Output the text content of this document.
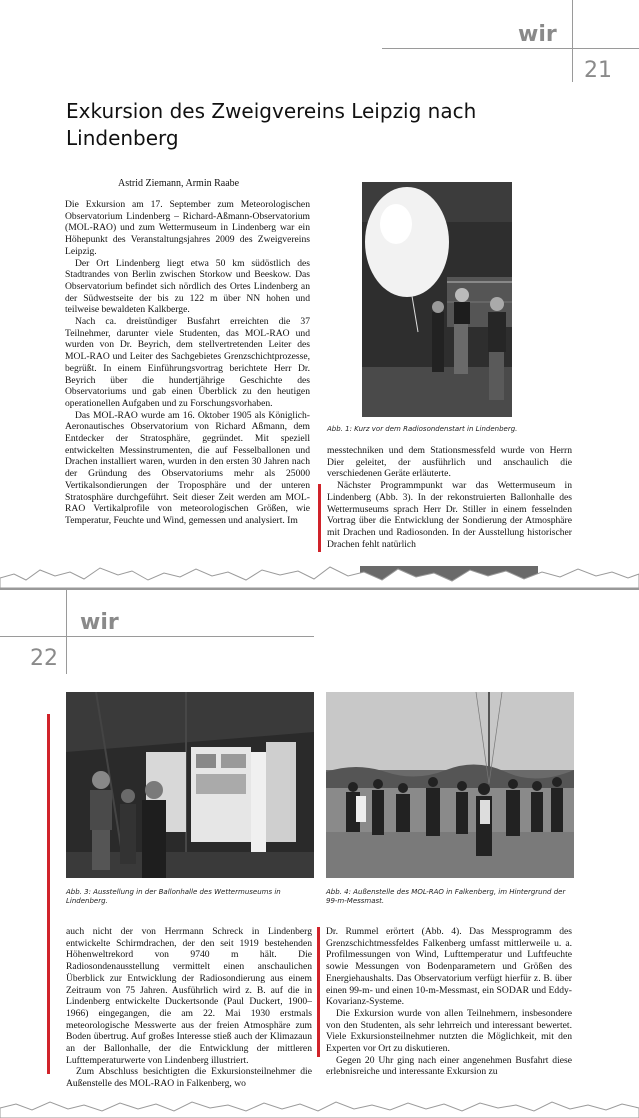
wir
21
Exkursion des Zweigvereins Leipzig nach Lindenberg
Astrid Ziemann, Armin Raabe

Die Exkursion am 17. September zum Meteorologischen Observatorium Lindenberg – Richard-Aßmann-Observatorium (MOL-RAO) und zum Wettermuseum in Lindenberg war ein Höhepunkt des Veranstaltungsjahres 2009 des Zweigvereins Leipzig.

Der Ort Lindenberg liegt etwa 50 km südöstlich des Stadtrandes von Berlin zwischen Storkow und Beeskow. Das Observatorium befindet sich nördlich des Ortes Lindenberg an der Südwestseite der bis zu 122 m über NN hohen und teilweise bewaldeten Kalkberge.

Nach ca. dreistündiger Busfahrt erreichten die 37 Teilnehmer, darunter viele Studenten, das MOL-RAO und wurden von Dr. Beyrich, dem stellvertretenden Leiter des MOL-RAO und Leiter des Sachgebietes Grenzschichtprozesse, begrüßt. In einem Einführungsvortrag berichtete Herr Dr. Beyrich über die hundertjährige Geschichte des Observatoriums und gab einen Überblick zu den heutigen operationellen Aufgaben und zu Forschungsvorhaben.

Das MOL-RAO wurde am 16. Oktober 1905 als Königlich-Aeronautisches Observatorium von Richard Aßmann, dem Entdecker der Stratosphäre, gegründet. Mit speziell entwickelten Messinstrumenten, die auf Fesselballonen und Drachen installiert waren, wurden in den ersten 30 Jahren nach der Gründung des Observatoriums mehr als 25000 Vertikalsondierungen der Troposphäre und der unteren Stratosphäre durchgeführt. Seit dieser Zeit werden am MOL-RAO Vertikalprofile von meteorologischen Größen, wie Temperatur, Feuchte und Wind, gemessen und analysiert. Im

Abb. 1: Kurz vor dem Radiosondenstart in Lindenberg.

messtechniken und dem Stationsmessfeld wurde von Herrn Dier geleitet, der ausführlich und anschaulich die verschiedenen Geräte erläuterte.

Nächster Programmpunkt war das Wettermuseum in Lindenberg (Abb. 3). In der rekonstruierten Ballonhalle des Wettermuseums sprach Herr Dr. Stiller in einem fesselnden Vortrag über die Entwicklung der Sondierung der Atmosphäre mit Drachen und Radiosonden. In der Ausstellung historischer Drachen fehlt natürlich

wir
22
Abb. 3: Ausstellung in der Ballonhalle des Wettermuseums in Lindenberg.
Abb. 4: Außenstelle des MOL-RAO in Falkenberg, im Hintergrund der 99-m-Messmast.

auch nicht der von Herrmann Schreck in Lindenberg entwickelte Schirmdrachen, der den seit 1919 bestehenden Höhenweltrekord von 9740 m hält. Die Radiosondenausstellung vermittelt einen anschaulichen Überblick zur Entwicklung der Radiosondierung aus einem Zeitraum von 75 Jahren. Ausführlich wird z. B. auf die in Lindenberg entwickelte Duckertsonde (Paul Duckert, 1900–1966) eingegangen, die am 22. Mai 1930 erstmals meteorologische Messwerte aus der freien Atmosphäre zum Boden übertrug. Auf großes Interesse stieß auch der Klimazaun an der Ballonhalle, der die Entwicklung der mittleren Lufttemperaturwerte von Lindenberg illustriert.

Zum Abschluss besichtigten die Exkursionsteilnehmer die Außenstelle des MOL-RAO in Falkenberg, wo

Dr. Rummel erörtert (Abb. 4). Das Messprogramm des Grenzschichtmessfeldes Falkenberg umfasst mittlerweile u. a. Profilmessungen von Wind, Lufttemperatur und Luftfeuchte sowie Messungen von Bodenparametern und Größen des Energiehaushalts. Das Observatorium verfügt hierfür z. B. über einen 99-m- und einen 10-m-Messmast, ein SODAR und Eddy-Kovarianz-Systeme.

Die Exkursion wurde von allen Teilnehmern, insbesondere von den Studenten, als sehr lehrreich und interessant bewertet. Viele Exkursionsteilnehmer nutzten die Möglichkeit, mit den Experten vor Ort zu diskutieren.

Gegen 20 Uhr ging nach einer angenehmen Busfahrt diese erlebnisreiche und interessante Exkursion zu
